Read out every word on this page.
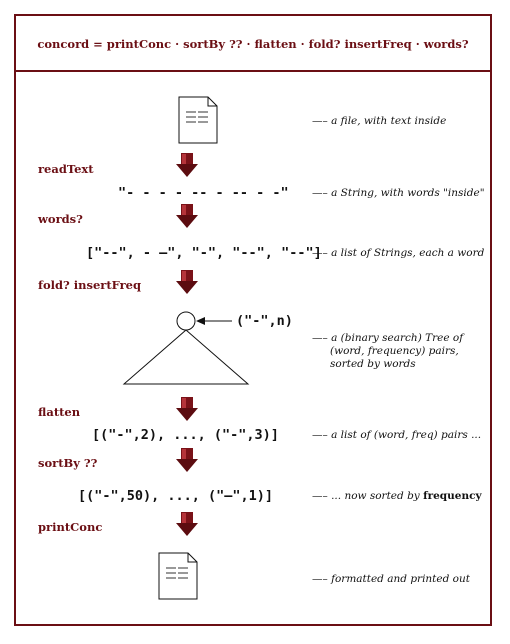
concord = printConc · sortBy ?? · flatten · fold? insertFreq · words?
—– a file, with text inside
readText
"- - - - -- - -- - -" —– a String, with words "inside"
words?
["--", - –", "-", "--", "--"]
—– a list of Strings, each a word
fold? insertFreq
("-",n)
—– a (binary search) Tree of
(word, frequency) pairs,
sorted by words
flatten
[("-",2), ..., ("-",3)]	—– a list of (word, freq) pairs ...
sortBy ??
[("-",50), ..., ("–",1)]	—– ... now sorted by frequency
printConc
—– formatted and printed out
